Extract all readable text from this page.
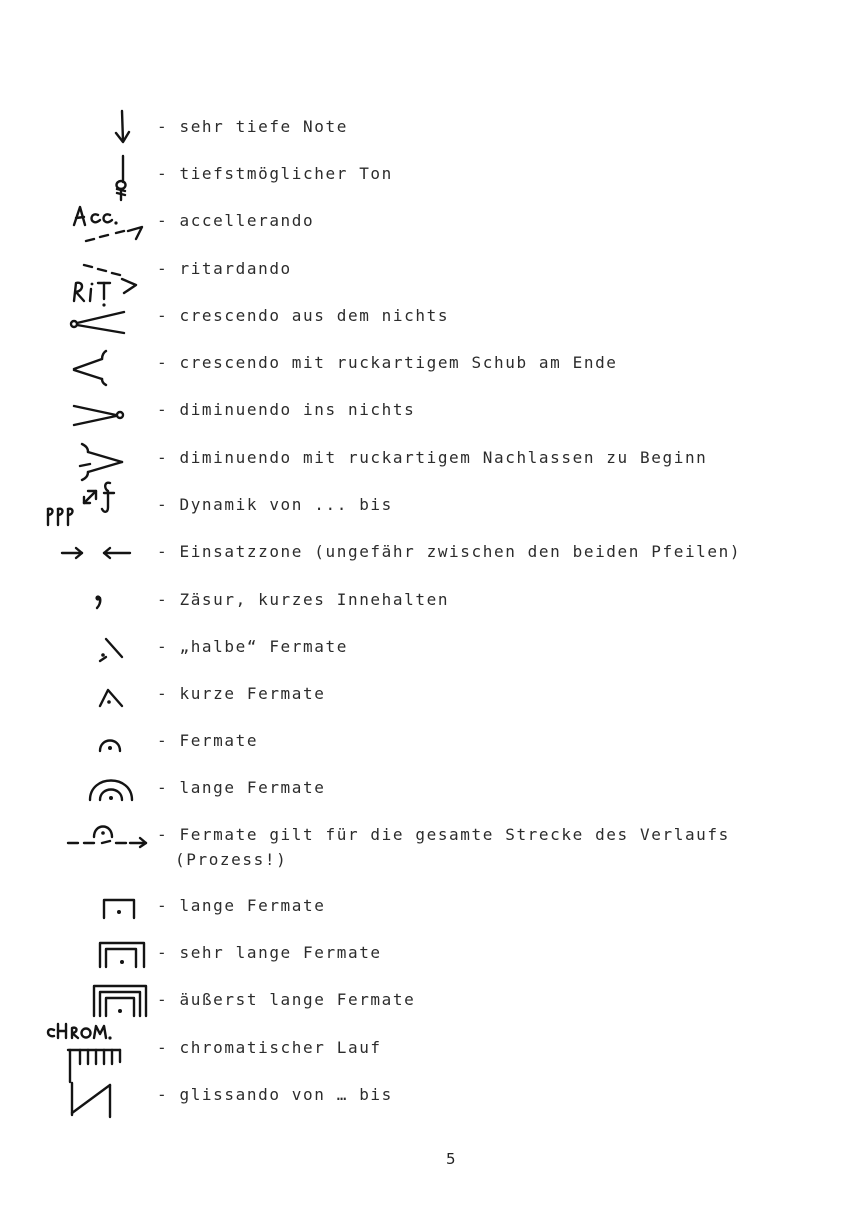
- sehr tiefe Note
- tiefstmöglicher Ton
- accellerando
- ritardando
- crescendo aus dem nichts
- crescendo mit ruckartigem Schub am Ende
- diminuendo ins nichts
- diminuendo mit ruckartigem Nachlassen zu Beginn
- Dynamik von ... bis
- Einsatzzone (ungefähr zwischen den beiden Pfeilen)
- Zäsur, kurzes Innehalten
- „halbe“ Fermate
- kurze Fermate
- Fermate
- lange Fermate
- Fermate gilt für die gesamte Strecke des Verlaufs
(Prozess!)
- lange Fermate
- sehr lange Fermate
- äußerst lange Fermate
- chromatischer Lauf
- glissando von … bis
5
